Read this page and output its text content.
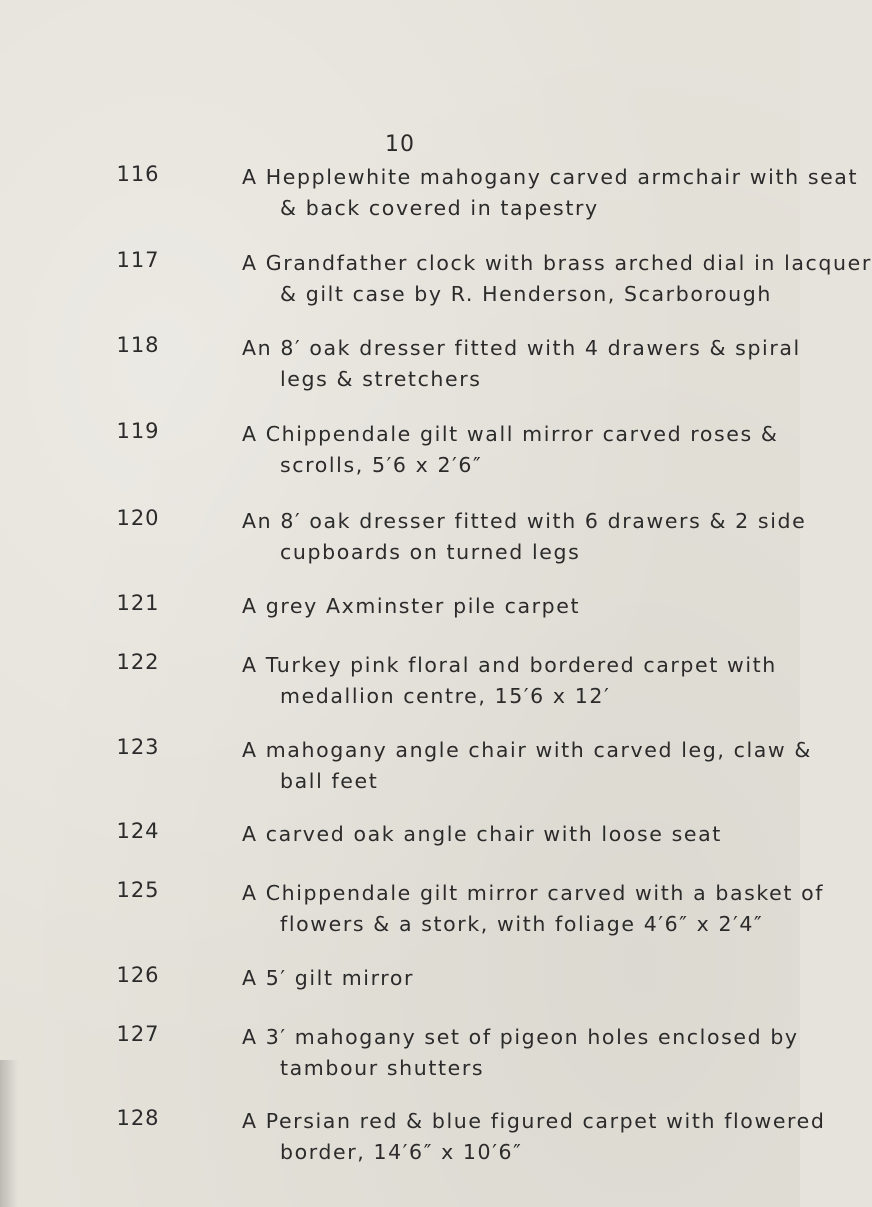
10
116	A Hepplewhite mahogany carved armchair with seat
& back covered in tapestry
117	A Grandfather clock with brass arched dial in lacquer
& gilt case by R. Henderson, Scarborough
118	An 8′ oak dresser fitted with 4 drawers & spiral
legs & stretchers
119	A Chippendale gilt wall mirror carved roses &
scrolls, 5′6 x 2′6″
120	An 8′ oak dresser fitted with 6 drawers & 2 side
cupboards on turned legs
121	A grey Axminster pile carpet
122	A Turkey pink floral and bordered carpet with
medallion centre, 15′6 x 12′
123	A mahogany angle chair with carved leg, claw &
ball feet
124	A carved oak angle chair with loose seat
125	A Chippendale gilt mirror carved with a basket of
flowers & a stork, with foliage 4′6″ x 2′4″
126	A 5′ gilt mirror
127	A 3′ mahogany set of pigeon holes enclosed by
tambour shutters
128	A Persian red & blue figured carpet with flowered
border, 14′6″ x 10′6″
